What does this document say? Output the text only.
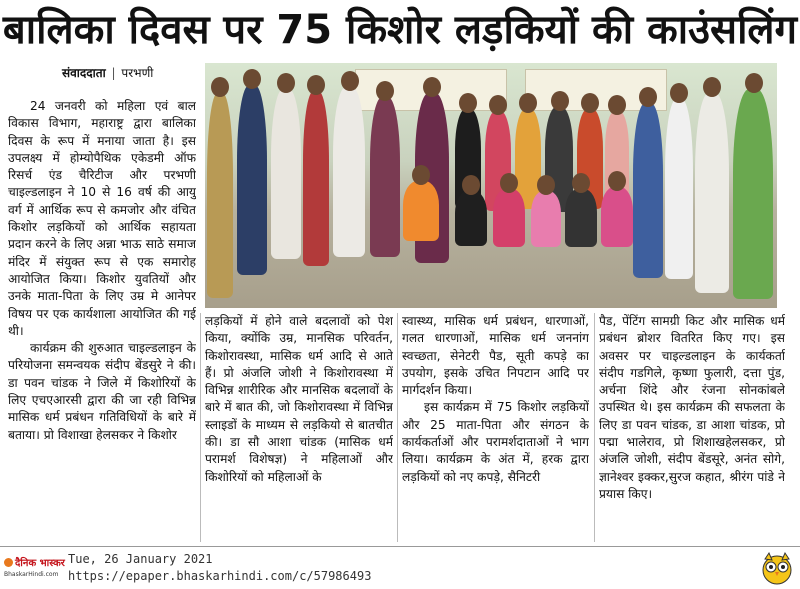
बालिका दिवस पर 75 किशोर लड़कियों की काउंसलिंग
संवाददाता | परभणी

24 जनवरी को महिला एवं बाल विकास विभाग, महाराष्ट्र द्वारा बालिका दिवस के रूप में मनाया जाता है। इस उपलक्ष्य में होम्योपैथिक एकेडमी ऑफ रिसर्च एंड चैरिटीज और परभणी चाइल्डलाइन ने 10 से 16 वर्ष की आयु वर्ग में आर्थिक रूप से कमजोर और वंचित किशोर लड़कियों को आर्थिक सहायता प्रदान करने के लिए अन्ना भाऊ साठे समाज मंदिर में संयुक्त रूप से एक समारोह आयोजित किया। किशोर युवतियों और उनके माता-पिता के लिए उम्र मे आनेपर विषय पर एक कार्यशाला आयोजित की गई थी।

कार्यक्रम की शुरुआत चाइल्डलाइन के परियोजना समन्वयक संदीप बेंडसुरे ने की। डा पवन चांडक ने जिले में किशोरियों के लिए एचएआरसी द्वारा की जा रही विभिन्न मासिक धर्म प्रबंधन गतिविधियों के बारे में बताया। प्रो विशाखा हेलसकर ने किशोर

लड़कियों में होने वाले बदलावों को पेश किया, क्योंकि उम्र, मानसिक परिवर्तन, किशोरावस्था, मासिक धर्म आदि से आते हैं। प्रो अंजलि जोशी ने किशोरावस्था में विभिन्न शारीरिक और मानसिक बदलावों के बारे में बात की, जो किशोरावस्था में विभिन्न स्लाइडों के माध्यम से लड़कियो से बातचीत की। डा सौ आशा चांडक (मासिक धर्म परामर्श विशेषज्ञ) ने महिलाओं और किशोरियों को महिलाओं के

स्वास्थ्य, मासिक धर्म प्रबंधन, धारणाओं, गलत धारणाओं, मासिक धर्म जननांग स्वच्छता, सेनेटरी पैड, सूती कपड़े का उपयोग, इसके उचित निपटान आदि पर मार्गदर्शन किया।

इस कार्यक्रम में 75 किशोर लड़कियों और 25 माता-पिता और संगठन के कार्यकर्ताओं और परामर्शदाताओं ने भाग लिया। कार्यक्रम के अंत में, हरक द्वारा लड़कियों को नए कपड़े, सैनिटरी

पैड, पेंटिंग सामग्री किट और मासिक धर्म प्रबंधन ब्रोशर वितरित किए गए। इस अवसर पर चाइल्डलाइन के कार्यकर्ता संदीप गडगिले, कृष्णा फुलारी, दत्ता पुंड, अर्चना शिंदे और रंजना सोनकांबले उपस्थित थे। इस कार्यक्रम की सफलता के लिए डा पवन चांडक, डा आशा चांडक, प्रो पद्मा भालेराव, प्रो शिशाखहेलसकर, प्रो अंजलि जोशी, संदीप बेंडसूरे, अनंत सोगे, ज्ञानेश्वर इक्कर,सुरज कहात, श्रीरंग पांडे ने प्रयास किए।

दैनिक भास्कर
BhaskarHindi.com
Tue, 26 January 2021
https://epaper.bhaskarhindi.com/c/57986493
